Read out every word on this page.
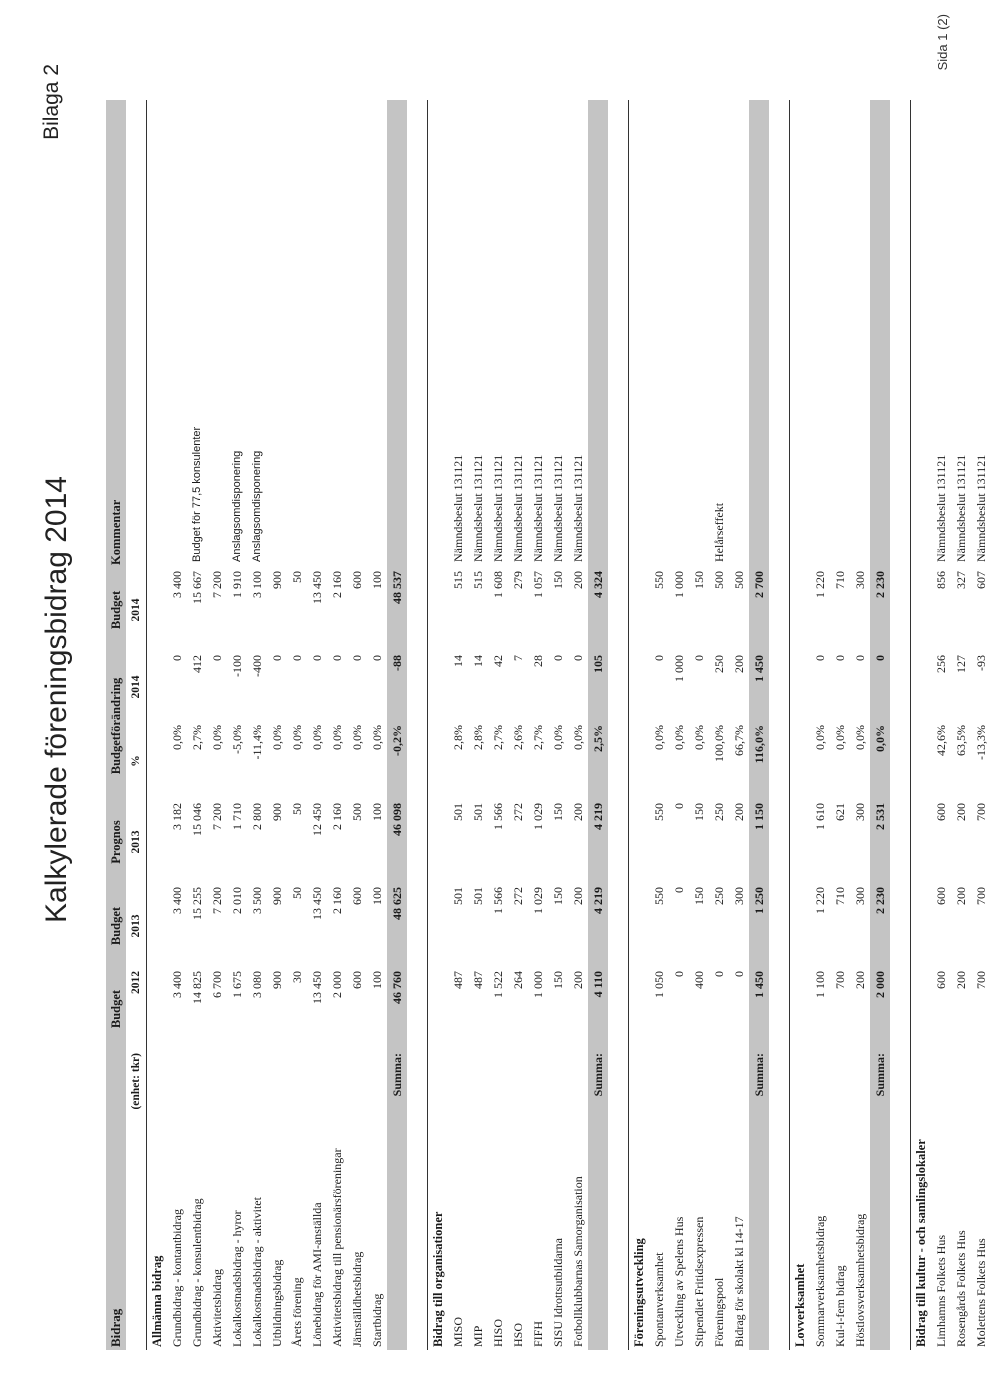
Kalkylerade föreningsbidrag 2014
Bilaga 2
Bidrag	Budget	Budget	Prognos	Budgetförändring		Budget	Kommentar
(enhet: tkr)	2012	2013	2013	%	2014	2014	
Allmänna bidrag							
Grundbidrag - kontantbidrag	3 400	3 400	3 182	0,0%	0	3 400	
Grundbidrag - konsulentbidrag	14 825	15 255	15 046	2,7%	412	15 667	Budget för 77,5 konsulenter
Aktivitetsbidrag	6 700	7 200	7 200	0,0%	0	7 200	
Lokalkostnadsbidrag - hyror	1 675	2 010	1 710	-5,0%	-100	1 910	Anslagsomdisponering
Lokalkostnadsbidrag - aktivitet	3 080	3 500	2 800	-11,4%	-400	3 100	Anslagsomdisponering
Utbildningsbidrag	900	900	900	0,0%	0	900	
Årets förening	30	50	50	0,0%	0	50	
Lönebidrag för AMI-anställda	13 450	13 450	12 450	0,0%	0	13 450	
Aktivitetsbidrag till pensionärsföreningar	2 000	2 160	2 160	0,0%	0	2 160	
Jämställdhetsbidrag	600	600	500	0,0%	0	600	
Startbidrag	100	100	100	0,0%	0	100	
Summa:	46 760	48 625	46 098	-0,2%	-88	48 537	

Bidrag till organisationer							
MISO	487	501	501	2,8%	14	515	Nämndsbeslut 131121
MIP	487	501	501	2,8%	14	515	Nämndsbeslut 131121
HISO	1 522	1 566	1 566	2,7%	42	1 608	Nämndsbeslut 131121
HSO	264	272	272	2,6%	7	279	Nämndsbeslut 131121
FIFH	1 000	1 029	1 029	2,7%	28	1 057	Nämndsbeslut 131121
SISU Idrottsutbildarna	150	150	150	0,0%	0	150	Nämndsbeslut 131121
Fotbollklubbarnas Samorganisation	200	200	200	0,0%	0	200	Nämndsbeslut 131121
Summa:	4 110	4 219	4 219	2,5%	105	4 324	

Föreningsutveckling							
Spontanverksamhet	1 050	550	550	0,0%	0	550	
Utveckling av Spelens Hus	0	0	0	0,0%	1 000	1 000	
Stipendiet Fritidsexpressen	400	150	150	0,0%	0	150	
Föreningspool	0	250	250	100,0%	250	500	Helårseffekt
Bidrag för skolakt kl 14-17	0	300	200	66,7%	200	500	
Summa:	1 450	1 250	1 150	116,0%	1 450	2 700	

Lovverksamhet							
Sommarverksamhetsbidrag	1 100	1 220	1 610	0,0%	0	1 220	
Kul-i-fem bidrag	700	710	621	0,0%	0	710	
Höstlovsverksamhetsbidrag	200	300	300	0,0%	0	300	
Summa:	2 000	2 230	2 531	0,0%	0	2 230	

Bidrag till kultur - och samlingslokaler							
Limhamns Folkets Hus	600	600	600	42,6%	256	856	Nämndsbeslut 131121
Rosengårds Folkets Hus	200	200	200	63,5%	127	327	Nämndsbeslut 131121
Molettens Folkets Hus	700	700	700	-13,3%	-93	607	Nämndsbeslut 131121
Sida 1 (2)
